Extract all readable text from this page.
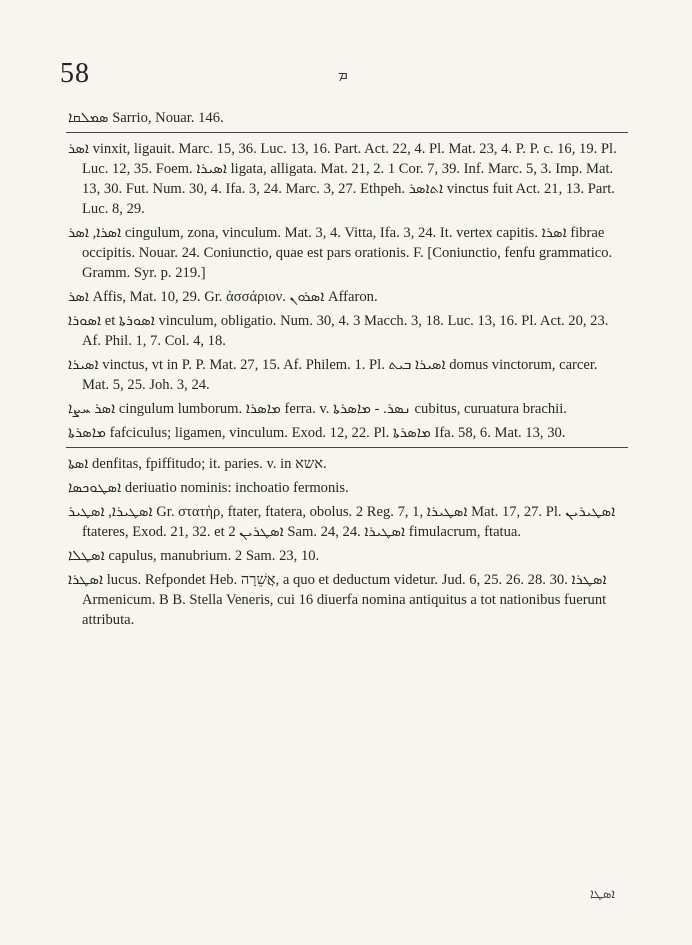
58	ܡ

ܣܡܠܩܐ Sarrio, Nouar. 146.

ܐܣܪ vinxit, ligauit. Marc. 15, 36. Luc. 13, 16. Part. Act. 22, 4. Pl. Mat. 23, 4. P. P. c. 16, 19. Pl. Luc. 12, 35. Foem. ܐܣܝܪܐ ligata, alligata. Mat. 21, 2. 1 Cor. 7, 39. Inf. Marc. 5, 3. Imp. Mat. 13, 30. Fut. Num. 30, 4. Ifa. 3, 24. Marc. 3, 27. Ethpeh. ܐܬܐܣܪ vinctus fuit Act. 21, 13. Part. Luc. 8, 29.

ܐܣܪܐ, ܐܣܪ cingulum, zona, vinculum. Mat. 3, 4. Vitta, Ifa. 3, 24. It. vertex capitis. ܐܣܪܐ fibrae occipitis. Nouar. 24. Coniunctio, quae est pars orationis. F. [Coniunctio, fenfu grammatico. Gramm. Syr. p. 219.]

ܐܣܪ Affis, Mat. 10, 29. Gr. ἀσσάριον. ܐܣܪܘܢ Affaron.

ܐܣܘܪܐ et ܐܣܘܪܬܐ vinculum, obligatio. Num. 30, 4. 3 Macch. 3, 18. Luc. 13, 16. Pl. Act. 20, 23. Af. Phil. 1, 7. Col. 4, 18.

ܐܣܝܪܐ vinctus, vt in P. P. Mat. 27, 15. Af. Philem. 1. Pl. ܐܣܝܪܐ ܒܝܬ domus vinctorum, carcer. Mat. 5, 25. Joh. 3, 24.

ܐܣܪ ܚܨܐ cingulum lumborum. ܡܐܣܪܐ ferra. v. ܢܣܪ. - ܡܐܣܪܬܐ cubitus, curuatura brachii.

ܡܐܣܪܬܐ fafciculus; ligamen, vinculum. Exod. 12, 22. Pl. ܡܐܣܪܬܐ Ifa. 58, 6. Mat. 13, 30.

ܐܣܬܐ denfitas, fpiffitudo; it. paries. v. in אשא.

ܐܣܛܘܟܣܐ deriuatio nominis: inchoatio fermonis.

ܐܣܛܝܪܐ, ܐܣܛܝܪ Gr. στατὴρ, ftater, ftatera, obolus. 2 Reg. 7, 1, ܐܣܛܝܪܐ Mat. 17, 27. Pl. ܐܣܛܝܪܝܢ ftateres, Exod. 21, 32. et ܐܣܛܪܝܢ 2 Sam. 24, 24. ܐܣܛܝܪܐ fimulacrum, ftatua.

ܐܣܛܠܐ capulus, manubrium. 2 Sam. 23, 10.

ܐܣܛܪܐ lucus. Refpondet Heb. אֲשֵׁרָה, a quo et deductum videtur. Jud. 6, 25. 26. 28. 30. ܐܣܛܪܐ Armenicum. B B. Stella Veneris, cui 16 diuerfa nomina antiquitus a tot nationibus fuerunt attributa.

ܐܣܛܐ
